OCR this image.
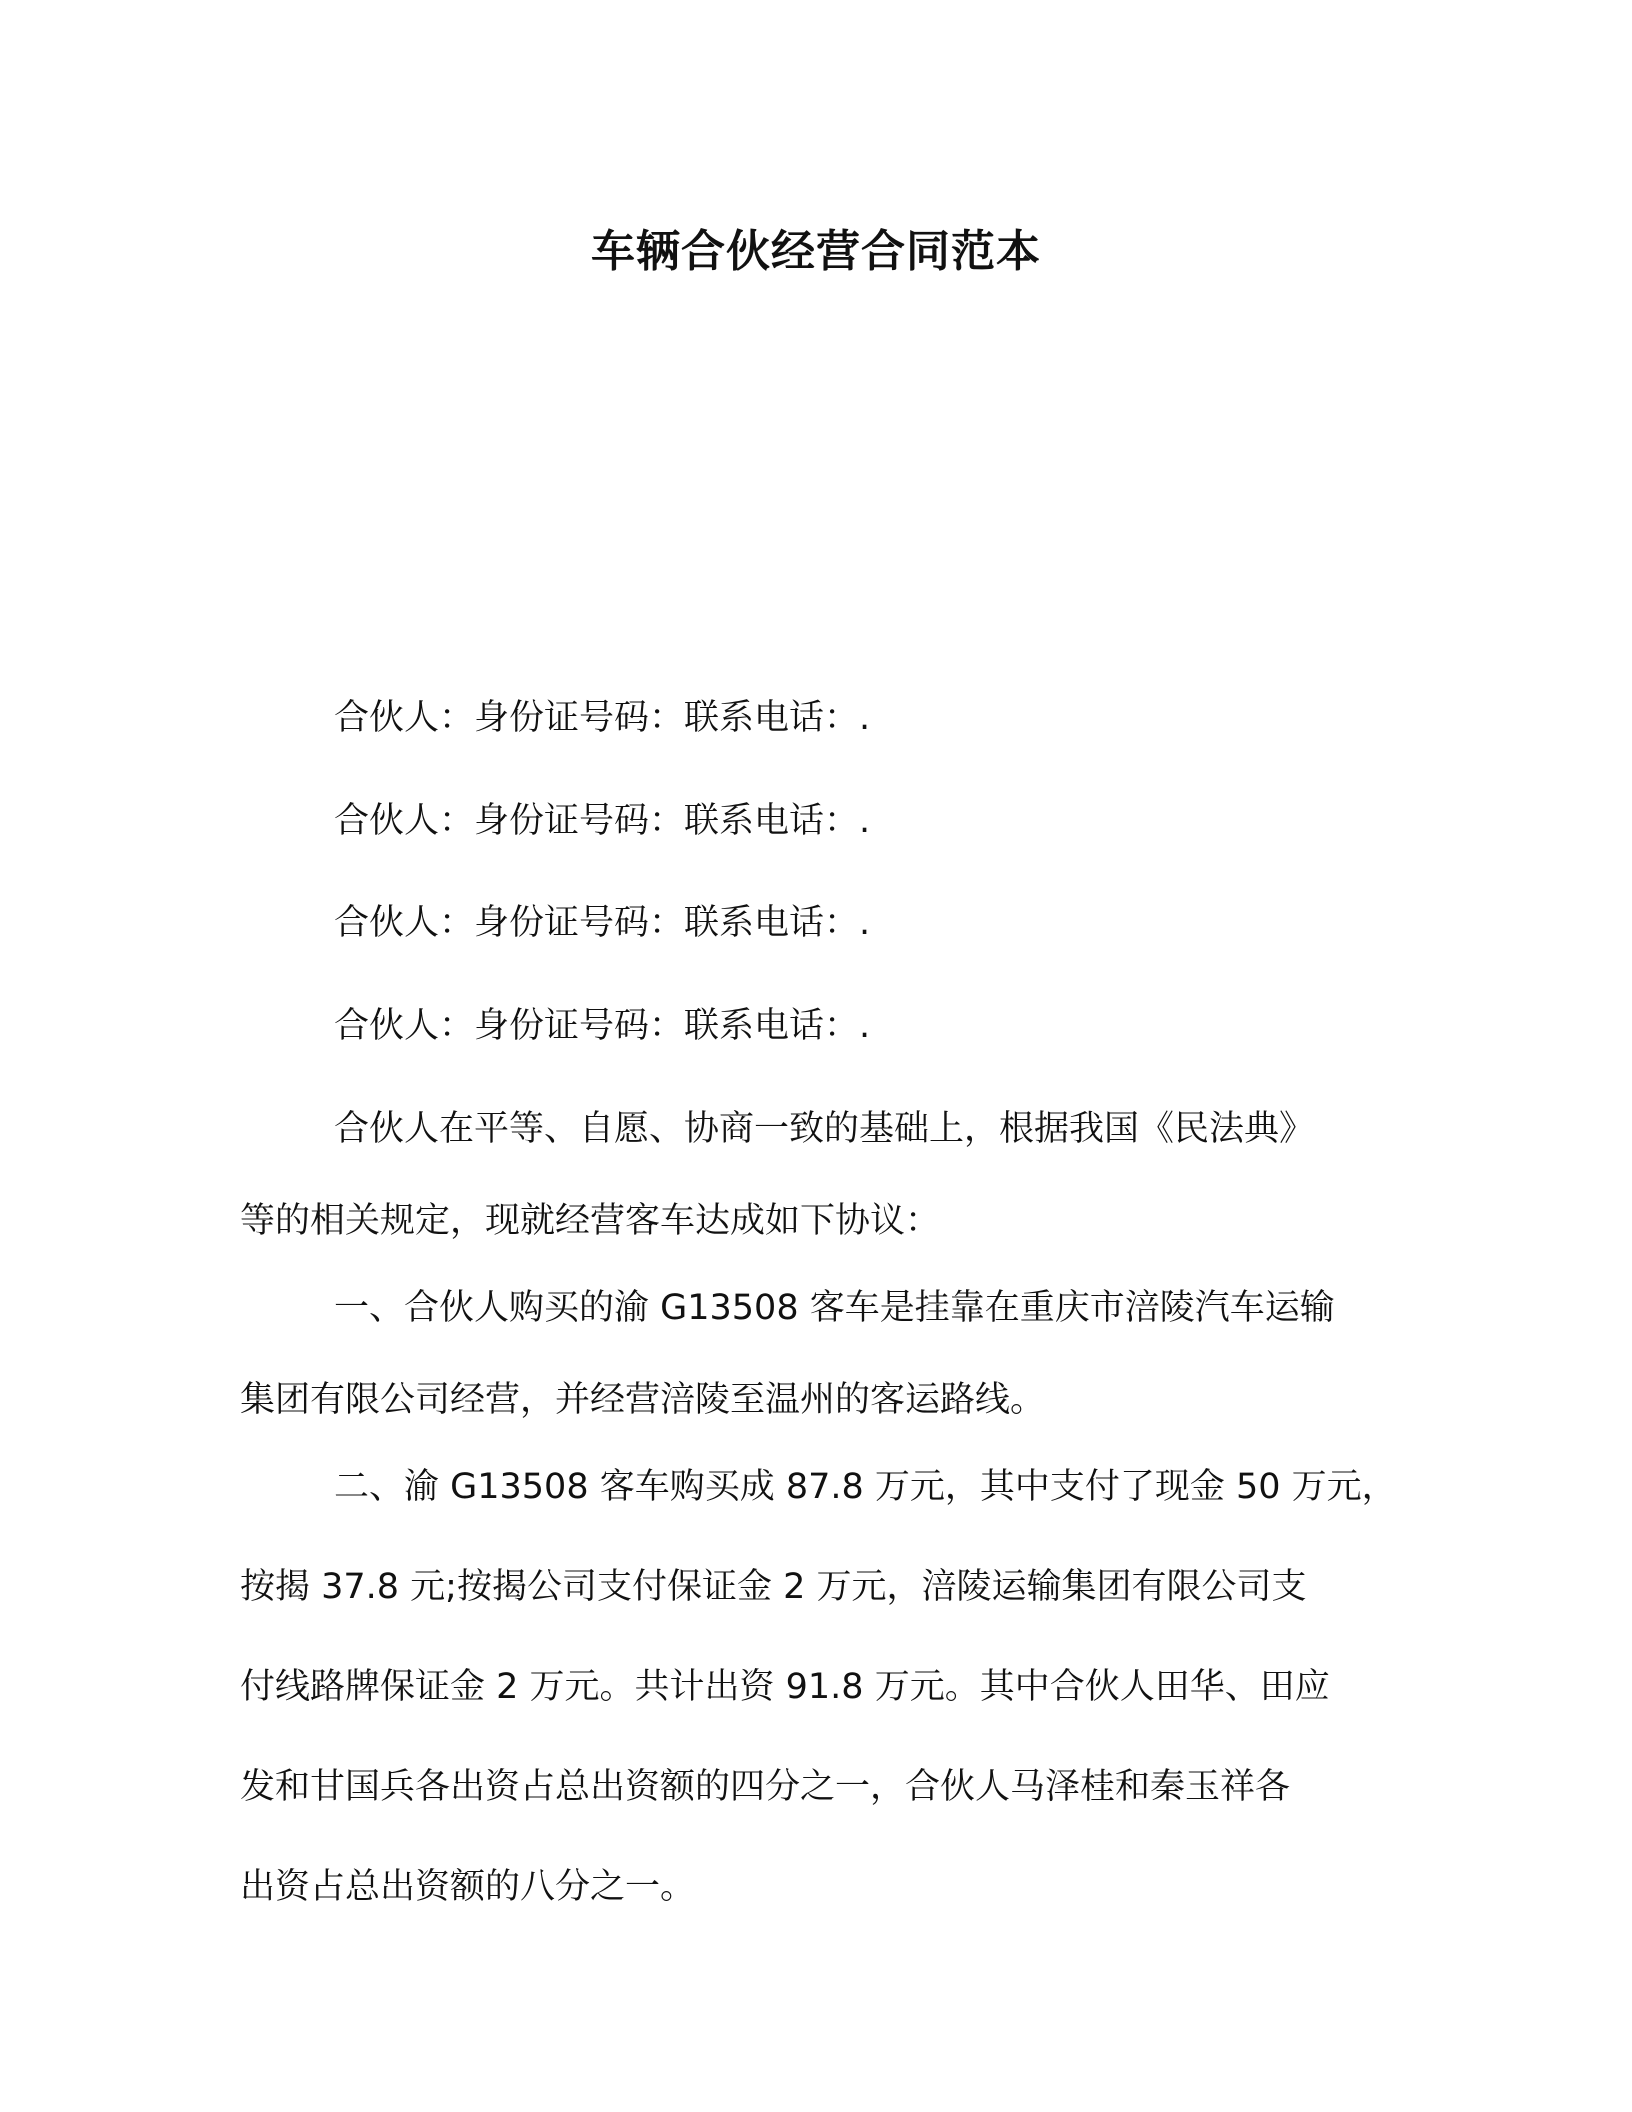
车辆合伙经营合同范本
合伙人：身份证号码：联系电话：.
合伙人：身份证号码：联系电话：.
合伙人：身份证号码：联系电话：.
合伙人：身份证号码：联系电话：.
合伙人在平等、自愿、协商一致的基础上，根据我国《民法典》
等的相关规定，现就经营客车达成如下协议：
一、合伙人购买的渝 G13508 客车是挂靠在重庆市涪陵汽车运输
集团有限公司经营，并经营涪陵至温州的客运路线。
二、渝 G13508 客车购买成 87.8 万元，其中支付了现金 50 万元，
按揭 37.8 元;按揭公司支付保证金 2 万元，涪陵运输集团有限公司支
付线路牌保证金 2 万元。共计出资 91.8 万元。其中合伙人田华、田应
发和甘国兵各出资占总出资额的四分之一，合伙人马泽桂和秦玉祥各
出资占总出资额的八分之一。
